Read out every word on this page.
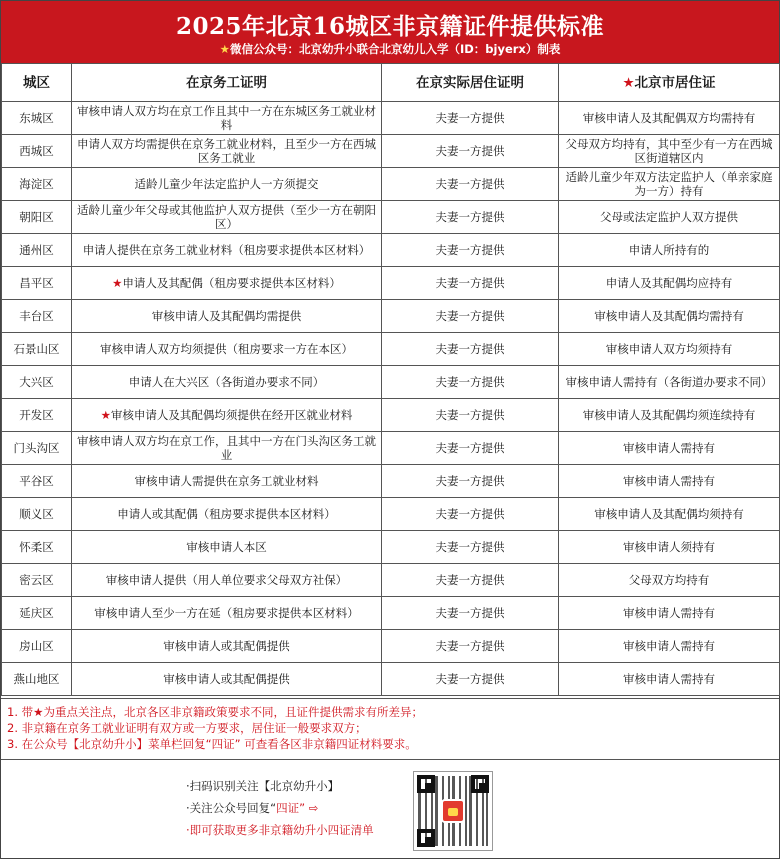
2025年北京16城区非京籍证件提供标准
★微信公众号：北京幼升小联合北京幼儿入学（ID：bjyerx）制表
城区	在京务工证明	在京实际居住证明	★北京市居住证
东城区	审核申请人双方均在京工作且其中一方在东城区务工就业材料	夫妻一方提供	审核申请人及其配偶双方均需持有
西城区	申请人双方均需提供在京务工就业材料，且至少一方在西城区务工就业	夫妻一方提供	父母双方均持有，其中至少有一方在西城区街道辖区内
海淀区	适龄儿童少年法定监护人一方须提交	夫妻一方提供	适龄儿童少年双方法定监护人（单亲家庭为一方）持有
朝阳区	适龄儿童少年父母或其他监护人双方提供（至少一方在朝阳区）	夫妻一方提供	父母或法定监护人双方提供
通州区	申请人提供在京务工就业材料（租房要求提供本区材料）	夫妻一方提供	申请人所持有的
昌平区	★申请人及其配偶（租房要求提供本区材料）	夫妻一方提供	申请人及其配偶均应持有
丰台区	审核申请人及其配偶均需提供	夫妻一方提供	审核申请人及其配偶均需持有
石景山区	审核申请人双方均须提供（租房要求一方在本区）	夫妻一方提供	审核申请人双方均须持有
大兴区	申请人在大兴区（各街道办要求不同）	夫妻一方提供	审核申请人需持有（各街道办要求不同）
开发区	★审核申请人及其配偶均须提供在经开区就业材料	夫妻一方提供	审核申请人及其配偶均须连续持有
门头沟区	审核申请人双方均在京工作，且其中一方在门头沟区务工就业	夫妻一方提供	审核申请人需持有
平谷区	审核申请人需提供在京务工就业材料	夫妻一方提供	审核申请人需持有
顺义区	申请人或其配偶（租房要求提供本区材料）	夫妻一方提供	审核申请人及其配偶均须持有
怀柔区	审核申请人本区	夫妻一方提供	审核申请人须持有
密云区	审核申请人提供（用人单位要求父母双方社保）	夫妻一方提供	父母双方均持有
延庆区	审核申请人至少一方在延（租房要求提供本区材料）	夫妻一方提供	审核申请人需持有
房山区	审核申请人或其配偶提供	夫妻一方提供	审核申请人需持有
燕山地区	审核申请人或其配偶提供	夫妻一方提供	审核申请人需持有
1. 带★为重点关注点，北京各区非京籍政策要求不同，且证件提供需求有所差异；
2. 非京籍在京务工就业证明有双方或一方要求，居住证一般要求双方；
3. 在公众号【北京幼升小】菜单栏回复“四证” 可查看各区非京籍四证材料要求。
·扫码识别关注【北京幼升小】
·关注公众号回复“四证” ⇨
·即可获取更多非京籍幼升小四证清单
